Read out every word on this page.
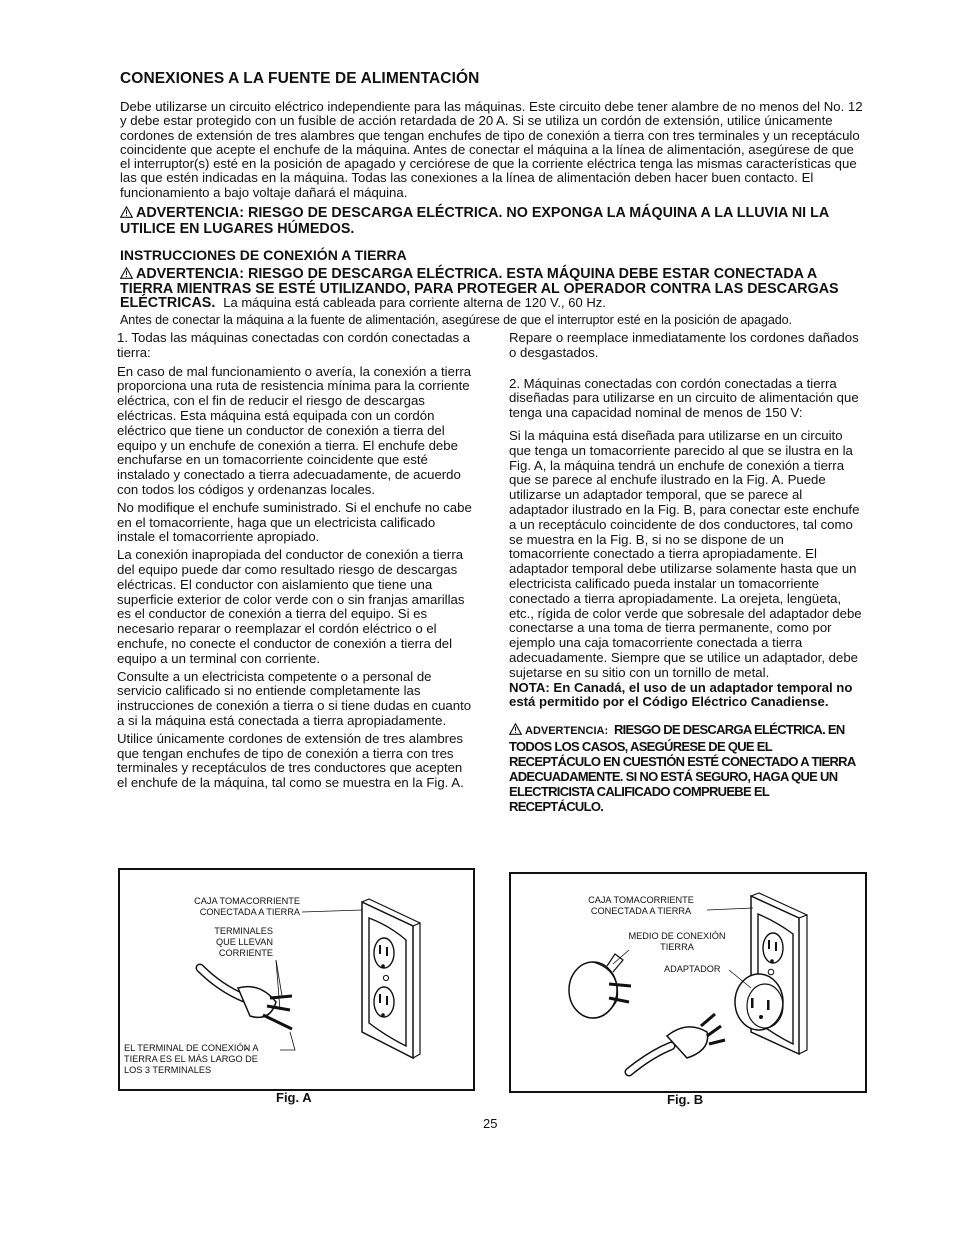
CONEXIONES A LA FUENTE DE ALIMENTACIÓN
Debe utilizarse un circuito eléctrico independiente para las máquinas. Este circuito debe tener alambre de no menos del No. 12 y debe estar protegido con un fusible de acción retardada de 20 A. Si se utiliza un cordón de extensión, utilice únicamente cordones de extensión de tres alambres que tengan enchufes de tipo de conexión a tierra con tres terminales y un receptáculo coincidente que acepte el enchufe de la máquina. Antes de conectar el máquina a la línea de alimentación, asegúrese de que el interruptor(s) esté en la posición de apagado y cerciórese de que la corriente eléctrica tenga las mismas características que las que estén indicadas en la máquina. Todas las conexiones a la línea de alimentación deben hacer buen contacto. El funcionamiento a bajo voltaje dañará el máquina.
ADVERTENCIA: RIESGO DE DESCARGA ELÉCTRICA. NO EXPONGA LA MÁQUINA A LA LLUVIA NI LA UTILICE EN LUGARES HÚMEDOS.
INSTRUCCIONES DE CONEXIÓN A TIERRA
ADVERTENCIA: RIESGO DE DESCARGA ELÉCTRICA. ESTA MÁQUINA DEBE ESTAR CONECTADA A TIERRA MIENTRAS SE ESTÉ UTILIZANDO, PARA PROTEGER AL OPERADOR CONTRA LAS DESCARGAS ELÉCTRICAS. La máquina está cableada para corriente alterna de 120 V., 60 Hz.
Antes de conectar la máquina a la fuente de alimentación, asegúrese de que el interruptor esté en la posición de apagado.

1. Todas las máquinas conectadas con cordón conectadas a tierra:

En caso de mal funcionamiento o avería, la conexión a tierra proporciona una ruta de resistencia mínima para la corriente eléctrica, con el fin de reducir el riesgo de descargas eléctricas. Esta máquina está equipada con un cordón eléctrico que tiene un conductor de conexión a tierra del equipo y un enchufe de conexión a tierra. El enchufe debe enchufarse en un tomacorriente coincidente que esté instalado y conectado a tierra adecuadamente, de acuerdo con todos los códigos y ordenanzas locales.

No modifique el enchufe suministrado. Si el enchufe no cabe en el tomacorriente, haga que un electricista calificado instale el tomacorriente apropiado.

La conexión inapropiada del conductor de conexión a tierra del equipo puede dar como resultado riesgo de descargas eléctricas. El conductor con aislamiento que tiene una superficie exterior de color verde con o sin franjas amarillas es el conductor de conexión a tierra del equipo. Si es necesario reparar o reemplazar el cordón eléctrico o el enchufe, no conecte el conductor de conexión a tierra del equipo a un terminal con corriente.

Consulte a un electricista competente o a personal de servicio calificado si no entiende completamente las instrucciones de conexión a tierra o si tiene dudas en cuanto a si la máquina está conectada a tierra apropiadamente.

Utilice únicamente cordones de extensión de tres alambres que tengan enchufes de tipo de conexión a tierra con tres terminales y receptáculos de tres conductores que acepten el enchufe de la máquina, tal como se muestra en la Fig. A.

Repare o reemplace inmediatamente los cordones dañados o desgastados.

2. Máquinas conectadas con cordón conectadas a tierra diseñadas para utilizarse en un circuito de alimentación que tenga una capacidad nominal de menos de 150 V:

Si la máquina está diseñada para utilizarse en un circuito que tenga un tomacorriente parecido al que se ilustra en la Fig. A, la máquina tendrá un enchufe de conexión a tierra que se parece al enchufe ilustrado en la Fig. A. Puede utilizarse un adaptador temporal, que se parece al adaptador ilustrado en la Fig. B, para conectar este enchufe a un receptáculo coincidente de dos conductores, tal como se muestra en la Fig. B, si no se dispone de un tomacorriente conectado a tierra apropiadamente. El adaptador temporal debe utilizarse solamente hasta que un electricista calificado pueda instalar un tomacorriente conectado a tierra apropiadamente. La orejeta, lengüeta, etc., rígida de color verde que sobresale del adaptador debe conectarse a una toma de tierra permanente, como por ejemplo una caja tomacorriente conectada a tierra adecuadamente. Siempre que se utilice un adaptador, debe sujetarse en su sitio con un tornillo de metal.

NOTA: En Canadá, el uso de un adaptador temporal no está permitido por el Código Eléctrico Canadiense.

ADVERTENCIA: RIESGO DE DESCARGA ELÉCTRICA. EN TODOS LOS CASOS, ASEGÚRESE DE QUE EL RECEPTÁCULO EN CUESTIÓN ESTÉ CONECTADO A TIERRA ADECUADAMENTE. SI NO ESTÁ SEGURO, HAGA QUE UN ELECTRICISTA CALIFICADO COMPRUEBE EL RECEPTÁCULO.
CAJA TOMACORRIENTE
CONECTADA A TIERRA
TERMINALES
QUE LLEVAN
CORRIENTE
EL TERMINAL DE CONEXIÓN A
TIERRA ES EL MÁS LARGO DE
LOS 3 TERMINALES
Fig. A
CAJA TOMACORRIENTE
CONECTADA A TIERRA
MEDIO DE CONEXIÓN
TIERRA
ADAPTADOR
Fig. B
25
